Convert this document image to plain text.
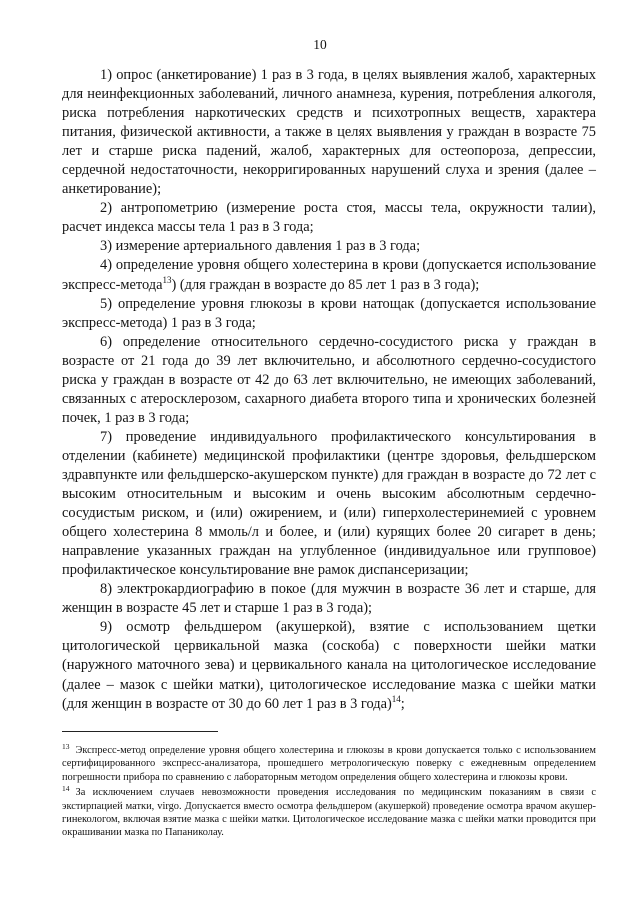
10

1) опрос (анкетирование) 1 раз в 3 года, в целях выявления жалоб, характерных для неинфекционных заболеваний, личного анамнеза, курения, потребления алкоголя, риска потребления наркотических средств и психотропных веществ, характера питания, физической активности, а также в целях выявления у граждан в возрасте 75 лет и старше риска падений, жалоб, характерных для остеопороза, депрессии, сердечной недостаточности, некорригированных нарушений слуха и зрения (далее – анкетирование);

2) антропометрию (измерение роста стоя, массы тела, окружности талии), расчет индекса массы тела 1 раз в 3 года;

3) измерение артериального давления 1 раз в 3 года;

4) определение уровня общего холестерина в крови (допускается использование экспресс-метода$^{13}$) (для граждан в возрасте до 85 лет 1 раз в 3 года);

5) определение уровня глюкозы в крови натощак (допускается использование экспресс-метода) 1 раз в 3 года;

6) определение относительного сердечно-сосудистого риска у граждан в возрасте от 21 года до 39 лет включительно, и абсолютного сердечно-сосудистого риска у граждан в возрасте от 42 до 63 лет включительно, не имеющих заболеваний, связанных с атеросклерозом, сахарного диабета второго типа и хронических болезней почек, 1 раз в 3 года;

7) проведение индивидуального профилактического консультирования в отделении (кабинете) медицинской профилактики (центре здоровья, фельдшерском здравпункте или фельдшерско-акушерском пункте) для граждан в возрасте до 72 лет с высоким относительным и высоким и очень высоким абсолютным сердечно-сосудистым риском, и (или) ожирением, и (или) гиперхолестеринемией с уровнем общего холестерина 8 ммоль/л и более, и (или) курящих более 20 сигарет в день; направление указанных граждан на углубленное (индивидуальное или групповое) профилактическое консультирование вне рамок диспансеризации;

8) электрокардиографию в покое (для мужчин в возрасте 36 лет и старше, для женщин в возрасте 45 лет и старше 1 раз в 3 года);

9) осмотр фельдшером (акушеркой), взятие с использованием щетки цитологической цервикальной мазка (соскоба) с поверхности шейки матки (наружного маточного зева) и цервикального канала на цитологическое исследование (далее – мазок с шейки матки), цитологическое исследование мазка с шейки матки (для женщин в возрасте от 30 до 60 лет 1 раз в 3 года)$^{14}$;

$^{13}$ Экспресс-метод определение уровня общего холестерина и глюкозы в крови допускается только с использованием сертифицированного экспресс-анализатора, прошедшего метрологическую поверку с ежедневным определением погрешности прибора по сравнению с лабораторным методом определения общего холестерина и глюкозы крови.

$^{14}$ За исключением случаев невозможности проведения исследования по медицинским показаниям в связи с экстирпацией матки, virgo. Допускается вместо осмотра фельдшером (акушеркой) проведение осмотра врачом акушер-гинекологом, включая взятие мазка с шейки матки. Цитологическое исследование мазка с шейки матки проводится при окрашивании мазка по Папаниколау.
